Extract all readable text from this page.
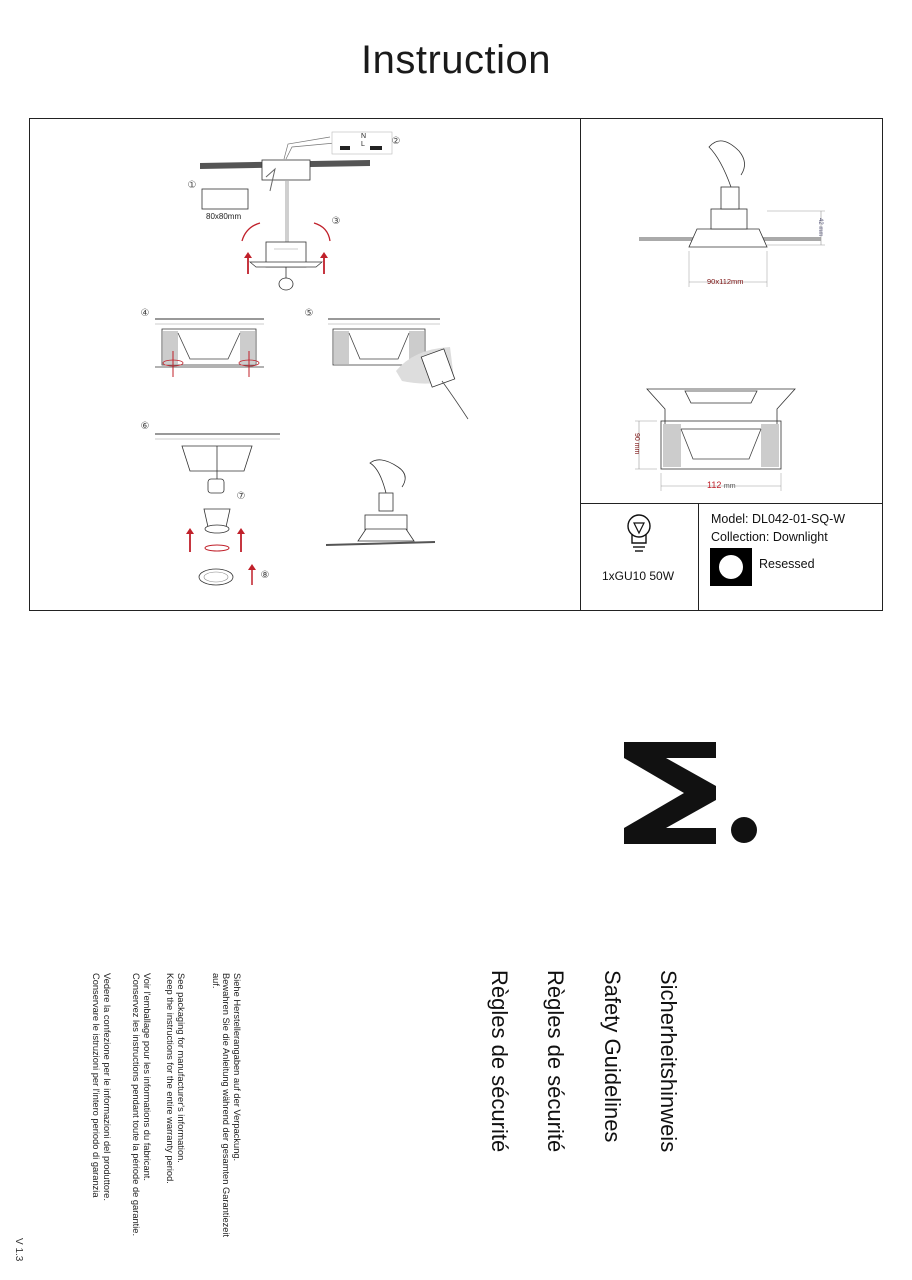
Instruction
①
②
③
④	⑤
⑥
⑦
⑧
80x80mm
N
L
90x112mm
42 mm
112 mm
90 mm
1xGU10 50W
Model: DL042-01-SQ-W
Collection: Downlight
Resessed
Sicherheitshinweis
Safety Guidelines
Règles de sécurité
Règles de sécurité
Siehe Herstellerangaben auf der Verpackung.
Bewahren Sie die Anleitung während der gesamten Garantiezeit
auf.
See packaging for manufacturer's information.
Keep the instructions for the entire warranty period.
Voir l'emballage pour les informations du fabricant.
Conservez les instructions pendant toute la période de garantie.
Vedere la confezione per le informazioni del produttore.
Conservare le istruzioni per l'intero periodo di garanzia
V 1.3
